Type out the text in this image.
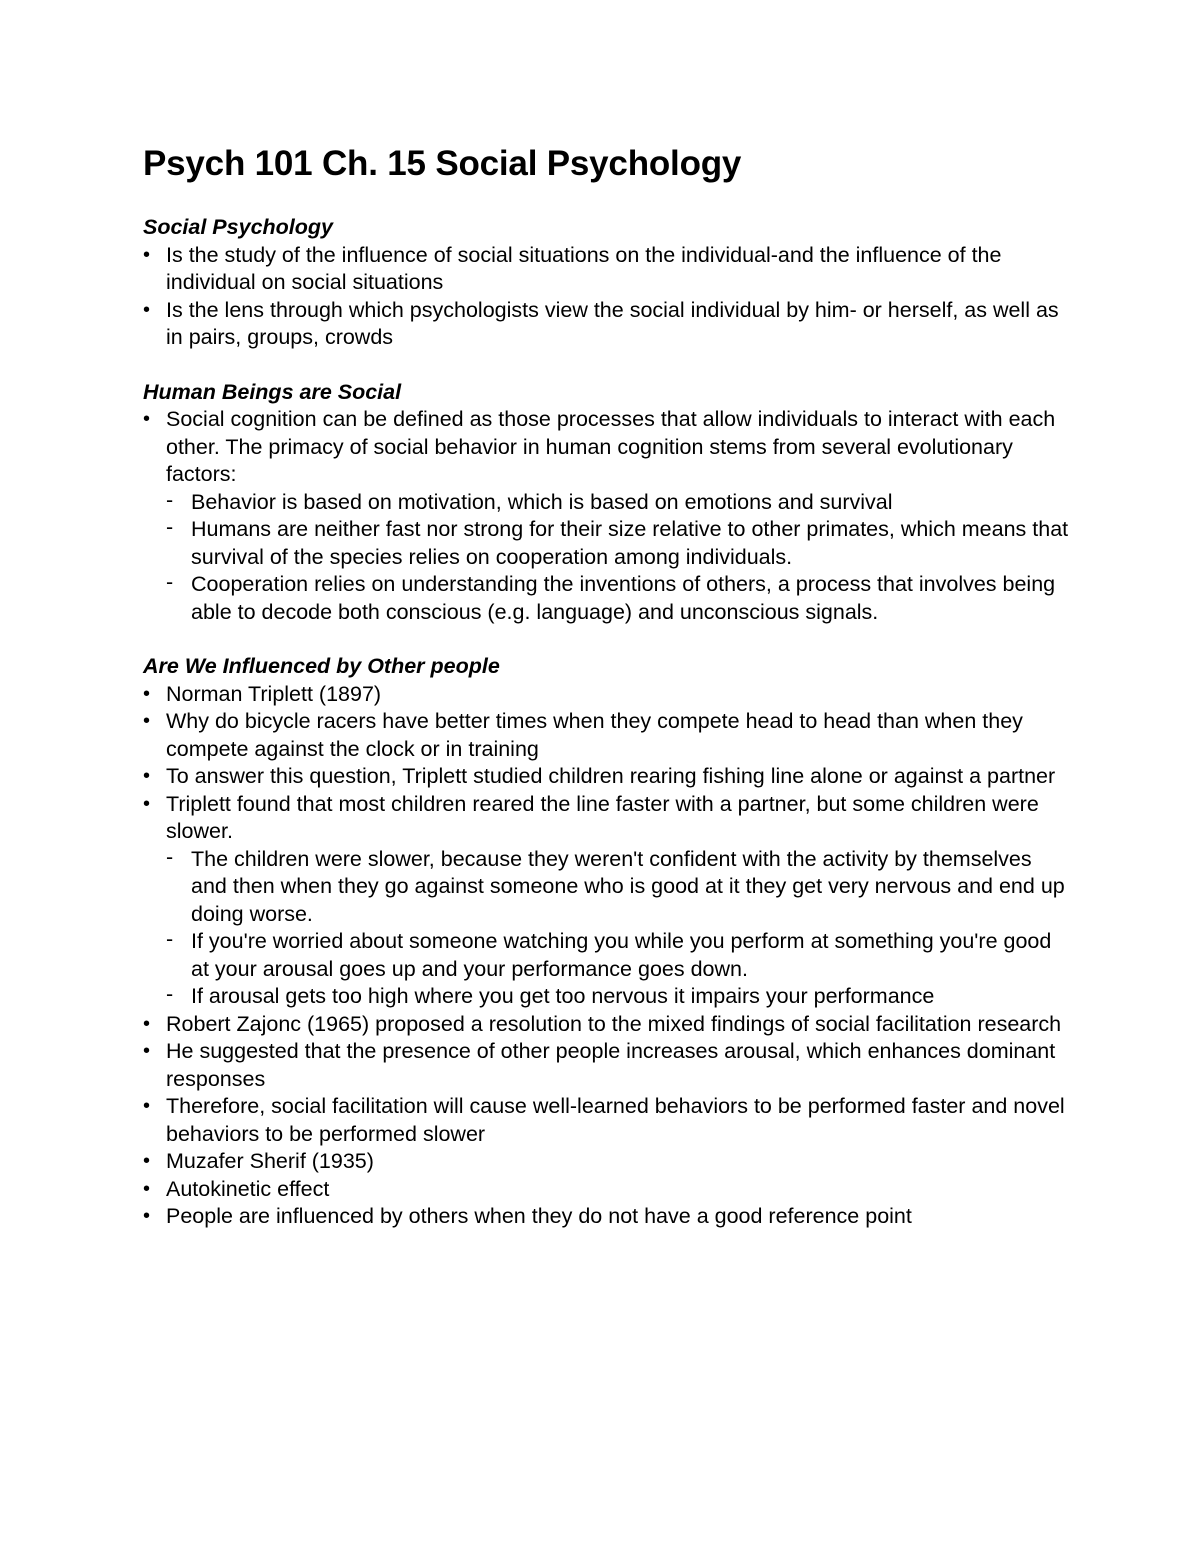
Psych 101 Ch. 15 Social Psychology
Social Psychology
• Is the study of the influence of social situations on the individual-and the influence of the individual on social situations
• Is the lens through which psychologists view the social individual by him- or herself, as well as in pairs, groups, crowds
Human Beings are Social
• Social cognition can be defined as those processes that allow individuals to interact with each other. The primacy of social behavior in human cognition stems from several evolutionary factors:
- Behavior is based on motivation, which is based on emotions and survival
- Humans are neither fast nor strong for their size relative to other primates, which means that survival of the species relies on cooperation among individuals.
- Cooperation relies on understanding the inventions of others, a process that involves being able to decode both conscious (e.g. language) and unconscious signals.
Are We Influenced by Other people
• Norman Triplett (1897)
• Why do bicycle racers have better times when they compete head to head than when they compete against the clock or in training
• To answer this question, Triplett studied children rearing fishing line alone or against a partner
• Triplett found that most children reared the line faster with a partner, but some children were slower.
- The children were slower, because they weren't confident with the activity by themselves and then when they go against someone who is good at it they get very nervous and end up doing worse.
- If you're worried about someone watching you while you perform at something you're good at your arousal goes up and your performance goes down.
- If arousal gets too high where you get too nervous it impairs your performance
• Robert Zajonc (1965) proposed a resolution to the mixed findings of social facilitation research
• He suggested that the presence of other people increases arousal, which enhances dominant responses
• Therefore, social facilitation will cause well-learned behaviors to be performed faster and novel behaviors to be performed slower
• Muzafer Sherif (1935)
• Autokinetic effect
• People are influenced by others when they do not have a good reference point
